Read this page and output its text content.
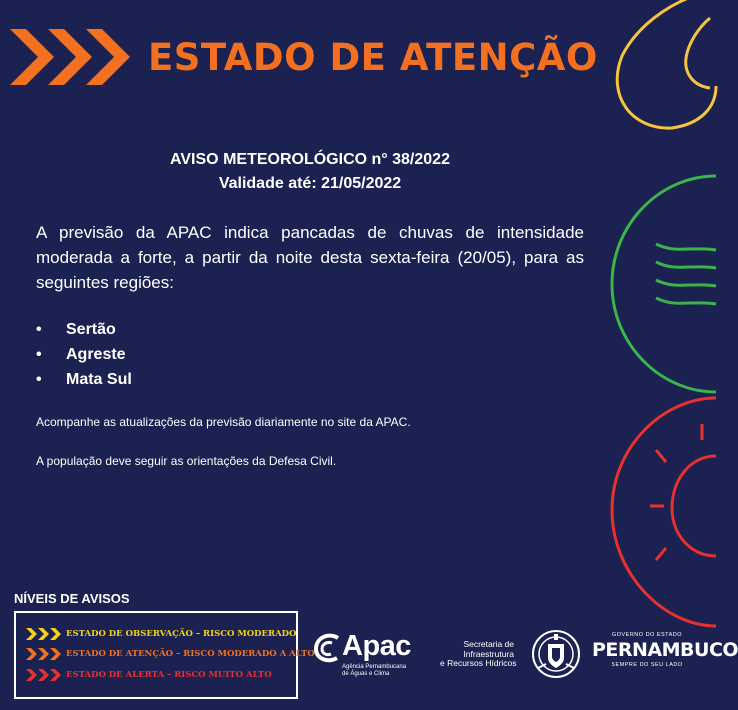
ESTADO DE ATENÇÃO
AVISO METEOROLÓGICO n° 38/2022
Validade até: 21/05/2022

A previsão da APAC indica pancadas de chuvas de intensidade moderada a forte, a partir da noite desta sexta-feira (20/05), para as seguintes regiões:

• Sertão
• Agreste
• Mata Sul

Acompanhe as atualizações da previsão diariamente no site da APAC.

A população deve seguir as orientações da Defesa Civil.

NÍVEIS DE AVISOS
ESTADO DE OBSERVAÇÃO – RISCO MODERADO
ESTADO DE ATENÇÃO – RISCO MODERADO A ALTO
ESTADO DE ALERTA – RISCO MUITO ALTO
Apac
Agência Pernambucana
de Águas e Clima
Secretaria de
Infraestrutura
e Recursos Hídricos
GOVERNO DO ESTADO
PERNAMBUCO
SEMPRE DO SEU LADO
